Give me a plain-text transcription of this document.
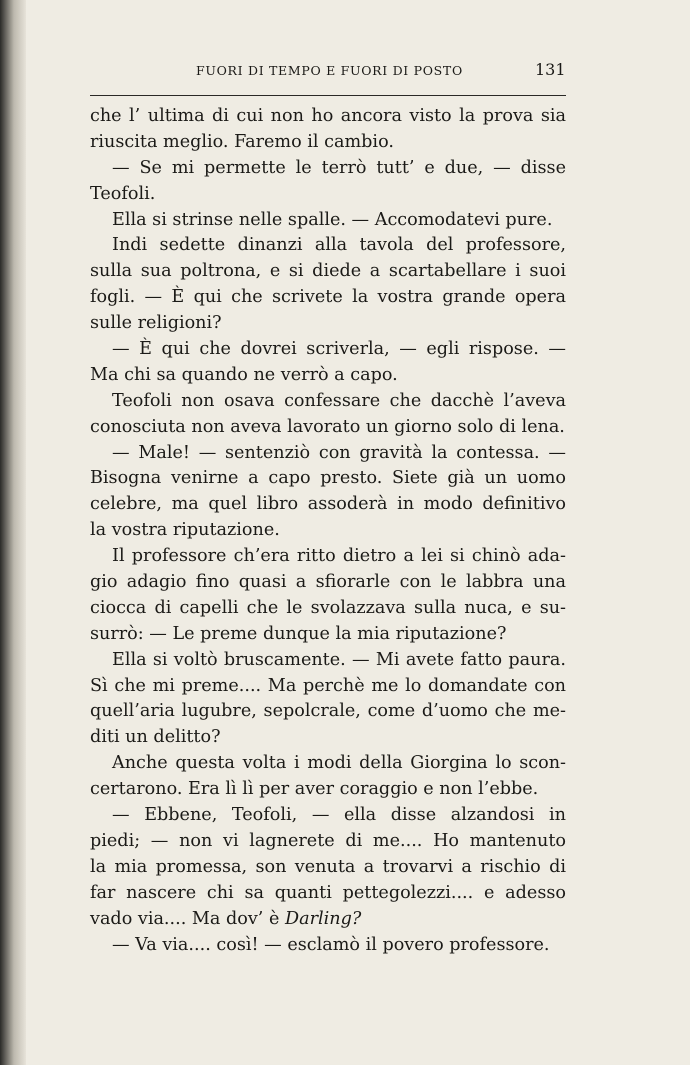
FUORI DI TEMPO E FUORI DI POSTO	131
che l’ ultima di cui non ho ancora visto la prova sia
riuscita meglio. Faremo il cambio.
— Se mi permette le terrò tutt’ e due, — disse
Teofoli.
Ella si strinse nelle spalle. — Accomodatevi pure.
Indi sedette dinanzi alla tavola del professore,
sulla sua poltrona, e si diede a scartabellare i suoi
fogli. — È qui che scrivete la vostra grande opera
sulle religioni?
— È qui che dovrei scriverla, — egli rispose. —
Ma chi sa quando ne verrò a capo.
Teofoli non osava confessare che dacchè l’aveva
conosciuta non aveva lavorato un giorno solo di lena.
— Male! — sentenziò con gravità la contessa. —
Bisogna venirne a capo presto. Siete già un uomo
celebre, ma quel libro assoderà in modo definitivo
la vostra riputazione.
Il professore ch’era ritto dietro a lei si chinò ada-
gio adagio fino quasi a sfiorarle con le labbra una
ciocca di capelli che le svolazzava sulla nuca, e su-
surrò: — Le preme dunque la mia riputazione?
Ella si voltò bruscamente. — Mi avete fatto paura.
Sì che mi preme.... Ma perchè me lo domandate con
quell’aria lugubre, sepolcrale, come d’uomo che me-
diti un delitto?
Anche questa volta i modi della Giorgina lo scon-
certarono. Era lì lì per aver coraggio e non l’ebbe.
— Ebbene, Teofoli, — ella disse alzandosi in
piedi; — non vi lagnerete di me.... Ho mantenuto
la mia promessa, son venuta a trovarvi a rischio di
far nascere chi sa quanti pettegolezzi.... e adesso
vado via.... Ma dov’ è Darling?
— Va via.... così! — esclamò il povero professore.
